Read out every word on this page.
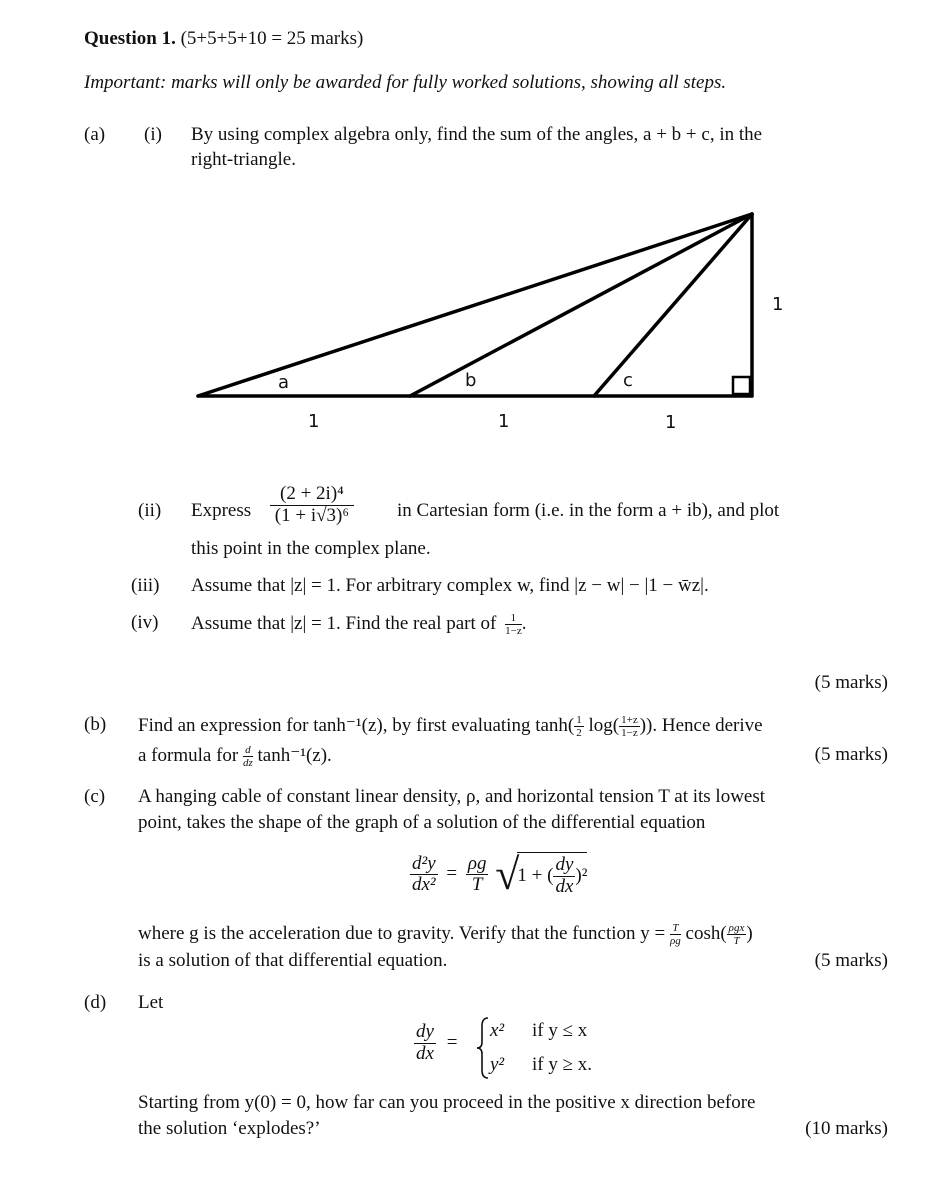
Question 1. (5+5+5+10 = 25 marks)
Important: marks will only be awarded for fully worked solutions, showing all steps.
(a) (i) By using complex algebra only, find the sum of the angles, a + b + c, in the
right-triangle.
a	b	c
1
1	1	1
(ii) Express $\frac{\text{(2 + 2i)⁴}}{\text{(1 + i√3)⁶}}$ in Cartesian form (i.e. in the form a + ib), and plot
this point in the complex plane.
(iii) Assume that |z| = 1. For arbitrary complex w, find |z − w| − |1 − w̄z|.
(iv) Assume that |z| = 1. Find the real part of $\frac{1}{1-z}$ .
(5 marks)
(b) Find an expression for tanh⁻¹(z), by first evaluating $\tanh( \frac{1}{2} \log( \frac{1+z}{1-z}$ )). Hence derive
a formula for $\frac{d}{dz} \tanh^{-1}(z)$.	(5 marks)
(c) A hanging cable of constant linear density, ρ, and horizontal tension T at its lowest
point, takes the shape of the graph of a solution of the differential equation
$\frac{\text{d²y}}{\text{dx²}} = \frac{\rho g}{T} √1$ + ( $\frac{dy}{dx} )^2$
where g is the acceleration due to gravity. Verify that the function $y = \frac{T}{\rho g} \cosh( \frac{\text{ρgx}}{T}$ )
is a solution of that differential equation.	(5 marks)
(d) Let
$\frac{dy}{dx}$ =
x² if y ≤ x
y² if y ≥ x.
Starting from y(0) = 0, how far can you proceed in the positive x direction before
the solution ‘explodes?’	(10 marks)
